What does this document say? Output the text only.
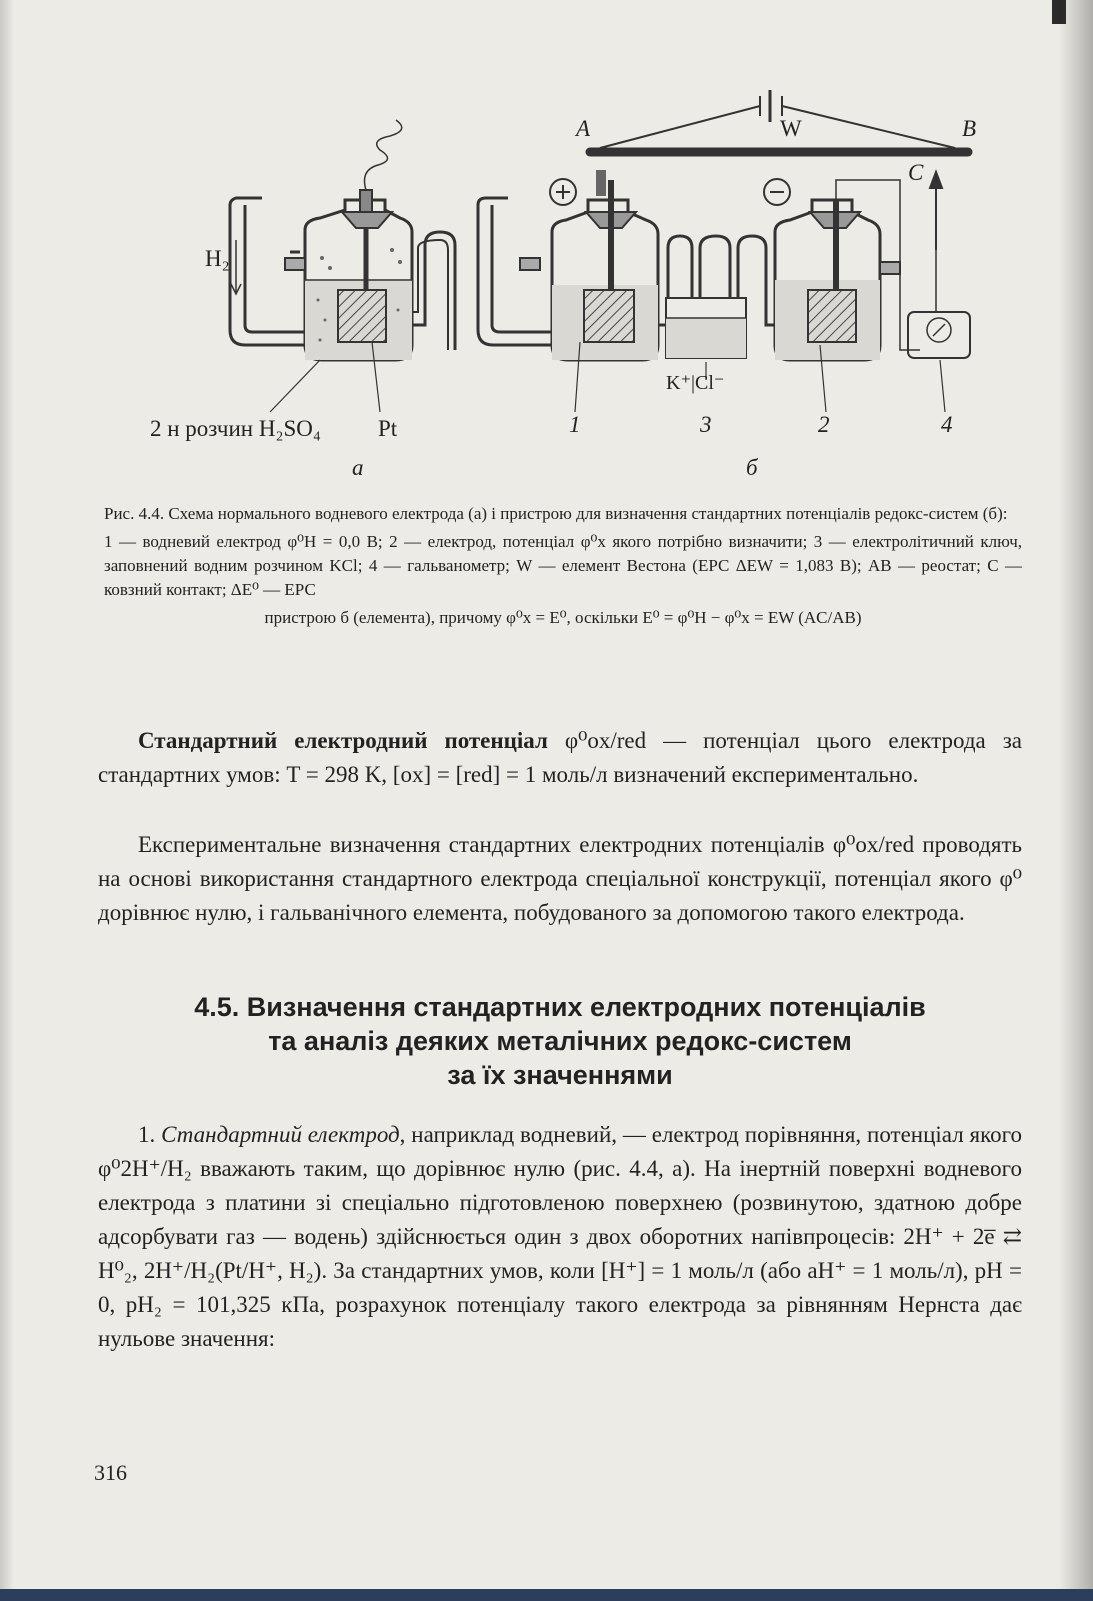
H₂
2 н розчин H₂SO₄ Pt	1	3	2	4
а	б
A	B
C
W
K⁺|Cl⁻

Рис. 4.4. Схема нормального водневого електрода (а) і пристрою для визначення стандартних потенціалів редокс-систем (б):

1 — водневий електрод φ⁰H = 0,0 В; 2 — електрод, потенціал φ⁰x якого потрібно визначити; 3 — електролітичний ключ, заповнений водним розчином KCl; 4 — гальванометр; W — елемент Вестона (ЕРС ΔEW = 1,083 В); AB — реостат; C — ковзний контакт; ΔE⁰ — ЕРС

пристрою б (елемента), причому φ⁰x = E⁰, оскільки E⁰ = φ⁰H − φ⁰x = EW (AC/AB)

Стандартний електродний потенціал φ⁰ox/red — потенціал цього електрода за стандартних умов: T = 298 K, [ox] = [red] = 1 моль/л визначений експериментально.

Експериментальне визначення стандартних електродних потенціалів φ⁰ox/red проводять на основі використання стандартного електрода спеціальної конструкції, потенціал якого φ⁰ дорівнює нулю, і гальванічного елемента, побудованого за допомогою такого електрода.

4.5. Визначення стандартних електродних потенціалів

та аналіз деяких металічних редокс-систем

за їх значеннями

1. Стандартний електрод, наприклад водневий, — електрод порівняння, потенціал якого φ⁰2H⁺/H₂ вважають таким, що дорівнює нулю (рис. 4.4, а). На інертній поверхні водневого електрода з платини зі спеціально підготовленою поверхнею (розвинутою, здатною добре адсорбувати газ — водень) здійснюється один з двох оборотних напівпроцесів: 2H⁺ + 2e̅ ⇄ H⁰₂, 2H⁺/H₂(Pt/H⁺, H₂). За стандартних умов, коли [H⁺] = 1 моль/л (або aH⁺ = 1 моль/л), pH = 0, pH₂ = 101,325 кПа, розрахунок потенціалу такого електрода за рівнянням Нернста дає нульове значення:

316
